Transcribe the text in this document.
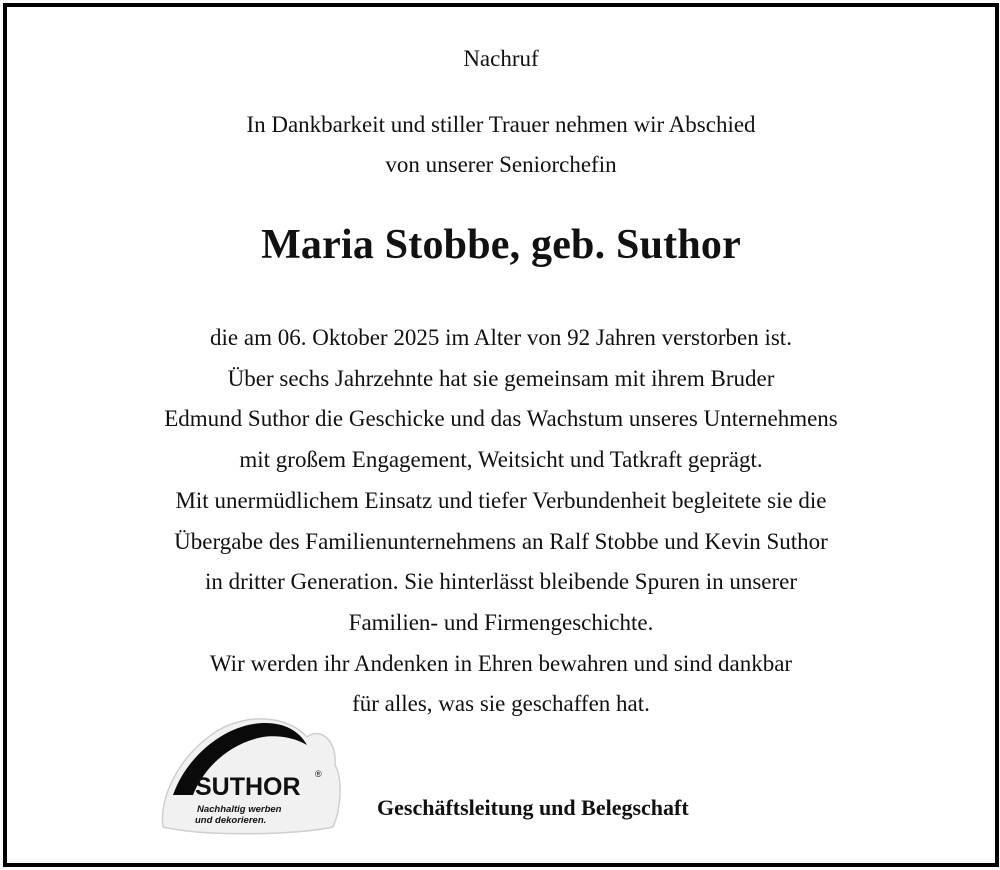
Nachruf
In Dankbarkeit und stiller Trauer nehmen wir Abschied
von unserer Seniorchefin
Maria Stobbe, geb. Suthor
die am 06. Oktober 2025 im Alter von 92 Jahren verstorben ist.
Über sechs Jahrzehnte hat sie gemeinsam mit ihrem Bruder
Edmund Suthor die Geschicke und das Wachstum unseres Unternehmens
mit großem Engagement, Weitsicht und Tatkraft geprägt.
Mit unermüdlichem Einsatz und tiefer Verbundenheit begleitete sie die
Übergabe des Familienunternehmens an Ralf Stobbe und Kevin Suthor
in dritter Generation. Sie hinterlässt bleibende Spuren in unserer
Familien- und Firmengeschichte.
Wir werden ihr Andenken in Ehren bewahren und sind dankbar
für alles, was sie geschaffen hat.
SUTHOR ®
Nachhaltig werben
und dekorieren.
Geschäftsleitung und Belegschaft
